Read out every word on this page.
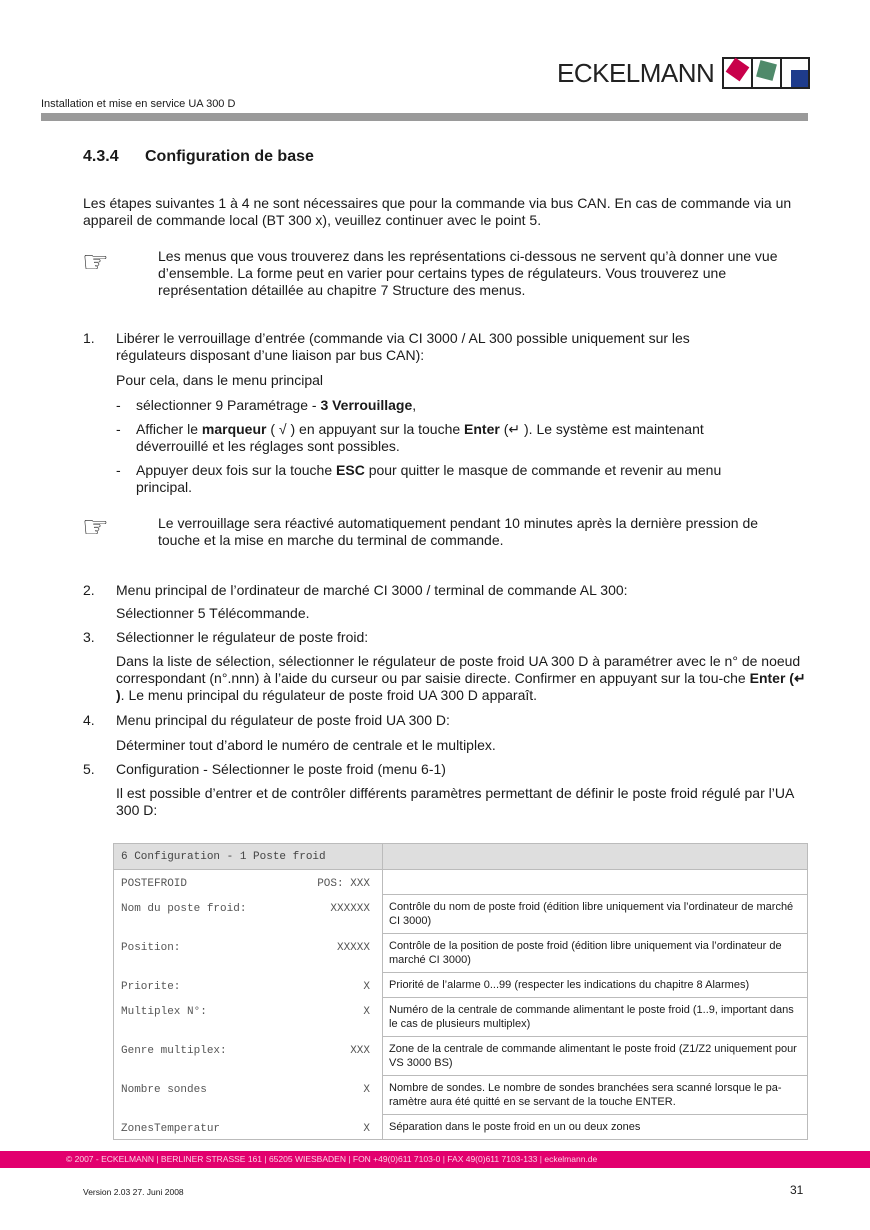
ECKELMANN
Installation et mise en service UA 300 D
4.3.4 Configuration de base

Les étapes suivantes 1 à 4 ne sont nécessaires que pour la commande via bus CAN. En cas de commande via un appareil de commande local (BT 300 x), veuillez continuer avec le point 5.

☞	Les menus que vous trouverez dans les représentations ci-dessous ne servent qu’à donner une vue d’ensemble. La forme peut en varier pour certains types de régulateurs. Vous trouverez une représentation détaillée au chapitre 7 Structure des menus.

1. Libérer le verrouillage d’entrée (commande via CI 3000 / AL 300 possible uniquement sur les régulateurs disposant d’une liaison par bus CAN):

Pour cela, dans le menu principal

- sélectionner 9 Paramétrage - 3 Verrouillage,

- Afficher le marqueur ( √ ) en appuyant sur la touche Enter (↵ ). Le système est maintenant déverrouillé et les réglages sont possibles.

- Appuyer deux fois sur la touche ESC pour quitter le masque de commande et revenir au menu principal.

☞	Le verrouillage sera réactivé automatiquement pendant 10 minutes après la dernière pression de touche et la mise en marche du terminal de commande.

2. Menu principal de l’ordinateur de marché CI 3000 / terminal de commande AL 300:

Sélectionner 5 Télécommande.

3. Sélectionner le régulateur de poste froid:

Dans la liste de sélection, sélectionner le régulateur de poste froid UA 300 D à paramétrer avec le n° de noeud correspondant (n°.nnn) à l’aide du curseur ou par saisie directe. Confirmer en appuyant sur la tou-che Enter (↵ ). Le menu principal du régulateur de poste froid UA 300 D apparaît.

4. Menu principal du régulateur de poste froid UA 300 D:

Déterminer tout d’abord le numéro de centrale et le multiplex.

5. Configuration - Sélectionner le poste froid (menu 6-1)

Il est possible d’entrer et de contrôler différents paramètres permettant de définir le poste froid régulé par l’UA 300 D:

6 Configuration - 1 Poste froid	

POSTEFROID POS: XXX	

Nom du poste froid: XXXXXX	Contrôle du nom de poste froid (édition libre uniquement via l’ordinateur de marché CI 3000)

Position: XXXXX	Contrôle de la position de poste froid (édition libre uniquement via l’ordinateur de marché CI 3000)

Priorite: X	Priorité de l’alarme 0...99 (respecter les indications du chapitre 8 Alarmes)

Multiplex N°: X	Numéro de la centrale de commande alimentant le poste froid (1..9, important dans le cas de plusieurs multiplex)

Genre multiplex: XXX	Zone de la centrale de commande alimentant le poste froid (Z1/Z2 uniquement pour VS 3000 BS)

Nombre sondes X	Nombre de sondes. Le nombre de sondes branchées sera scanné lorsque le pa-ramètre aura été quitté en se servant de la touche ENTER.

ZonesTemperatur X	Séparation dans le poste froid en un ou deux zones
© 2007 - ECKELMANN | BERLINER STRASSE 161 | 65205 WIESBADEN | FON +49(0)611 7103-0 | FAX 49(0)611 7103-133 | eckelmann.de
Version 2.03 27. Juni 2008	31
